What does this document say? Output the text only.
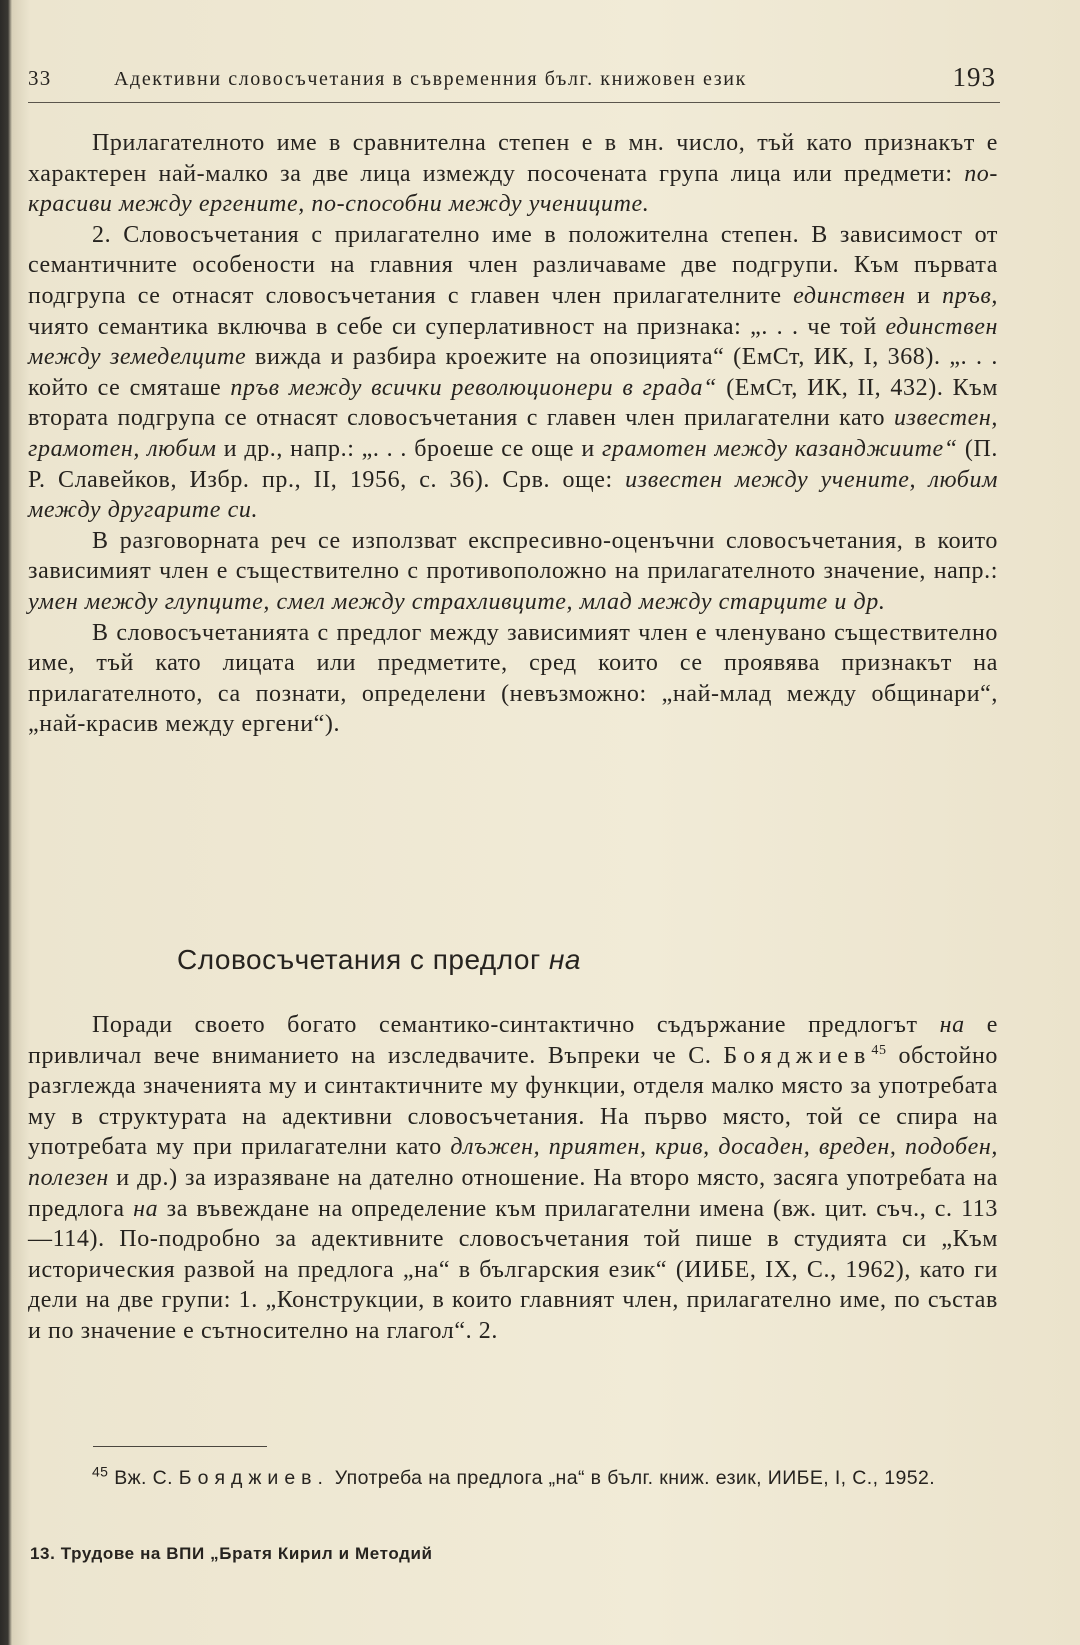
33	Адективни словосъчетания в съвременния бълг. книжовен език	193

Прилагателното име в сравнителна степен е в мн. число, тъй като признакът е характерен най-малко за две лица измежду посочената група лица или предмети: по-красиви между ергените, по-способни между учениците.

2. Словосъчетания с прилагателно име в положителна степен. В зависимост от семантичните особености на главния член различаваме две подгрупи. Към първата подгрупа се отнасят словосъчетания с главен член прилагателните единствен и пръв, чиято семантика включва в себе си суперлативност на признака: „. . . че той единствен между земеделците вижда и разбира кроежите на опозицията“ (ЕмСт, ИК, I, 368). „. . . който се смяташе пръв между всички революционери в града“ (ЕмСт, ИК, II, 432). Към втората подгрупа се отнасят словосъчетания с главен член прилагателни като известен, грамотен, любим и др., напр.: „. . . броеше се още и грамотен между казанджиите“ (П. Р. Славейков, Избр. пр., II, 1956, с. 36). Срв. още: известен между учените, любим между другарите си.

В разговорната реч се използват експресивно-оценъчни словосъчетания, в които зависимият член е съществително с противоположно на прилагателното значение, напр.: умен между глупците, смел между страхливците, млад между старците и др.

В словосъчетанията с предлог между зависимият член е членувано съществително име, тъй като лицата или предметите, сред които се проявява признакът на прилагателното, са познати, определени (невъзможно: „най-млад между общинари“, „най-красив между ергени“).

Словосъчетания с предлог на

Поради своето богато семантико-синтактично съдържание предлогът на е привличал вече вниманието на изследвачите. Въпреки че С. Бояджиев$^{45}$ обстойно разглежда значенията му и синтактичните му функции, отделя малко място за употребата му в структурата на адективни словосъчетания. На първо място, той се спира на употребата му при прилагателни като длъжен, приятен, крив, досаден, вреден, подобен, полезен и др.) за изразяване на дателно отношение. На второ място, засяга употребата на предлога на за въвеждане на определение към прилагателни имена (вж. цит. съч., с. 113—114). По-подробно за адективните словосъчетания той пише в студията си „Към историческия развой на предлога „на“ в българския език“ (ИИБЕ, IX, С., 1962), като ги дели на две групи: 1. „Конструкции, в които главният член, прилагателно име, по състав и по значение е сътносително на глагол“. 2.

$^{45}$ Вж. С. Бояджиев. Употреба на предлога „на“ в бълг. книж. език, ИИБЕ, I, С., 1952.
13. Трудове на ВПИ „Братя Кирил и Методий
